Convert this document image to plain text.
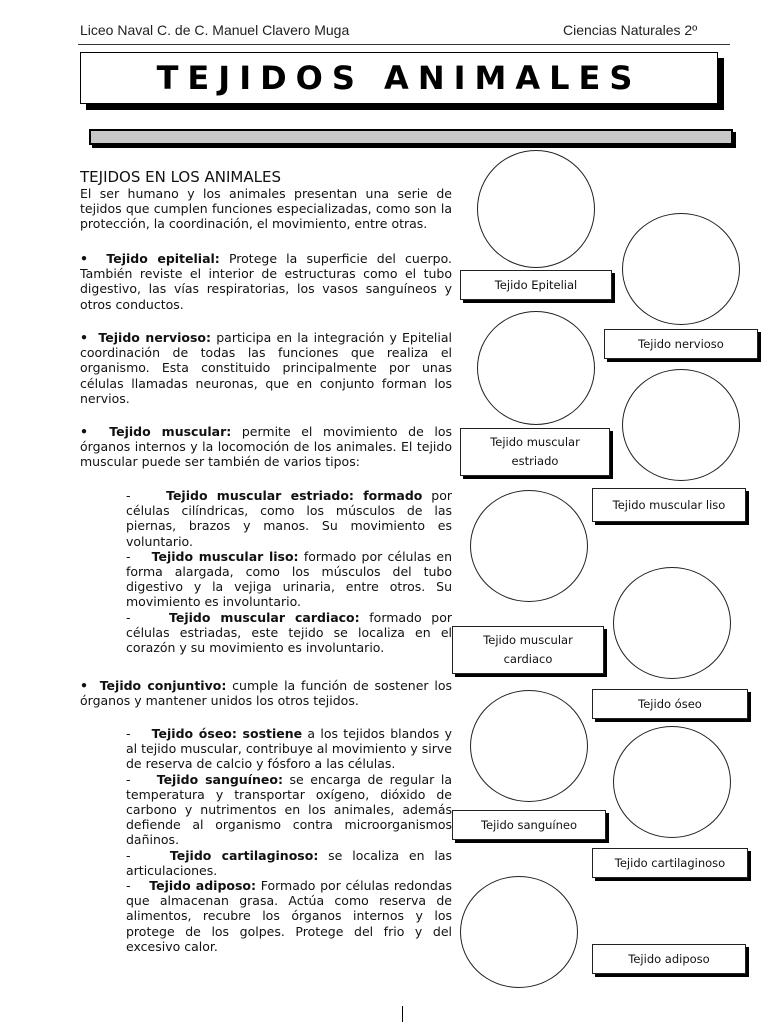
Liceo Naval C. de C. Manuel Clavero Muga	Ciencias Naturales 2º
TEJIDOS ANIMALES
TEJIDOS EN LOS ANIMALES
El ser humano y los animales presentan una serie de tejidos que cumplen funciones especializadas, como son la protección, la coordinación, el movimiento, entre otras.
• Tejido epitelial: Protege la superficie del cuerpo. También reviste el interior de estructuras como el tubo digestivo, las vías respiratorias, los vasos sanguíneos y otros conductos.
• Tejido nervioso: participa en la integración y Epitelial coordinación de todas las funciones que realiza el organismo. Esta constituido principalmente por unas células llamadas neuronas, que en conjunto forman los nervios.
• Tejido muscular: permite el movimiento de los órganos internos y la locomoción de los animales. El tejido muscular puede ser también de varios tipos:
-	Tejido muscular estriado: formado por células cilíndricas, como los músculos de las piernas, brazos y manos. Su movimiento es voluntario.
- Tejido muscular liso: formado por células en forma alargada, como los músculos del tubo digestivo y la vejiga urinaria, entre otros. Su movimiento es involuntario.
-	Tejido muscular cardiaco: formado por células estriadas, este tejido se localiza en el corazón y su movimiento es involuntario.
• Tejido conjuntivo: cumple la función de sostener los órganos y mantener unidos los otros tejidos.
- Tejido óseo: sostiene a los tejidos blandos y al tejido muscular, contribuye al movimiento y sirve de reserva de calcio y fósforo a las células.
- Tejido sanguíneo: se encarga de regular la temperatura y transportar oxígeno, dióxido de carbono y nutrimentos en los animales, además defiende al organismo contra microorganismos dañinos.
-	Tejido cartilaginoso: se localiza en las articulaciones.
- Tejido adiposo: Formado por células redondas que almacenan grasa. Actúa como reserva de alimentos, recubre los órganos internos y los protege de los golpes. Protege del frio y del excesivo calor.
Tejido Epitelial
Tejido nervioso
Tejido muscular estriado
Tejido muscular liso
Tejido muscular cardiaco
Tejido óseo
Tejido sanguíneo
Tejido cartilaginoso
Tejido adiposo
